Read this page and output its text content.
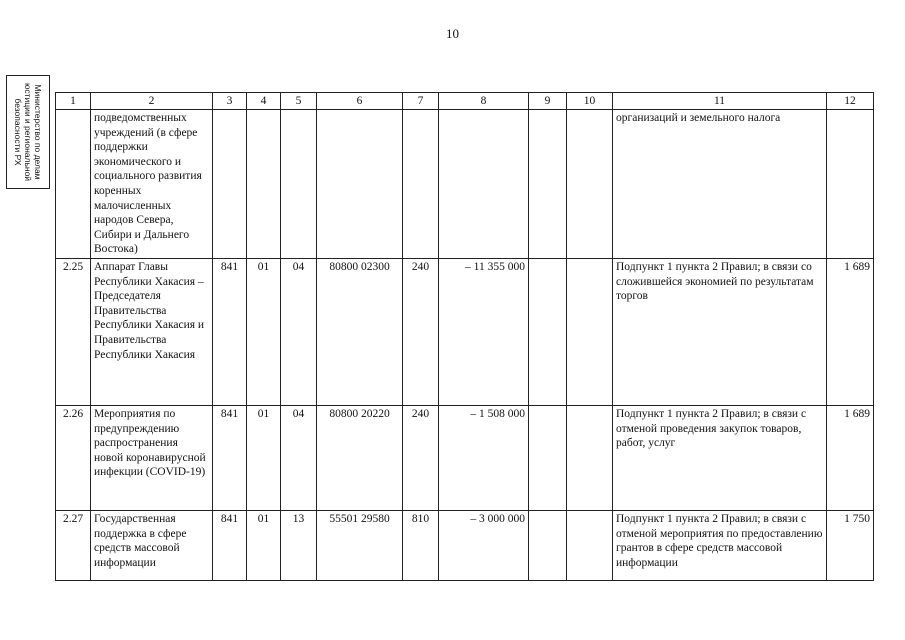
10
Министерство по делам юстиции и региональной безопасности РХ	1	2	3	4	5	6	7	8	9	10	11	12
	подведомственных учреждений (в сфере поддержки экономического и социального развития коренных малочисленных народов Севера, Сибири и Дальнего Востока)									организаций и земельного налога	
2.25	Аппарат Главы Республики Хакасия – Председателя Правительства Республики Хакасия и Правительства Республики Хакасия	841	01	04	80800 02300	240	– 11 355 000			Подпункт 1 пункта 2 Правил; в связи со сложившейся экономией по результатам торгов	1 689
2.26	Мероприятия по предупреждению распространения новой коронавирусной инфекции (COVID-19)	841	01	04	80800 20220	240	– 1 508 000			Подпункт 1 пункта 2 Правил; в связи с отменой проведения закупок товаров, работ, услуг	1 689
2.27	Государственная поддержка в сфере средств массовой информации	841	01	13	55501 29580	810	– 3 000 000			Подпункт 1 пункта 2 Правил; в связи с отменой мероприятия по предоставлению грантов в сфере средств массовой информации	1 750
